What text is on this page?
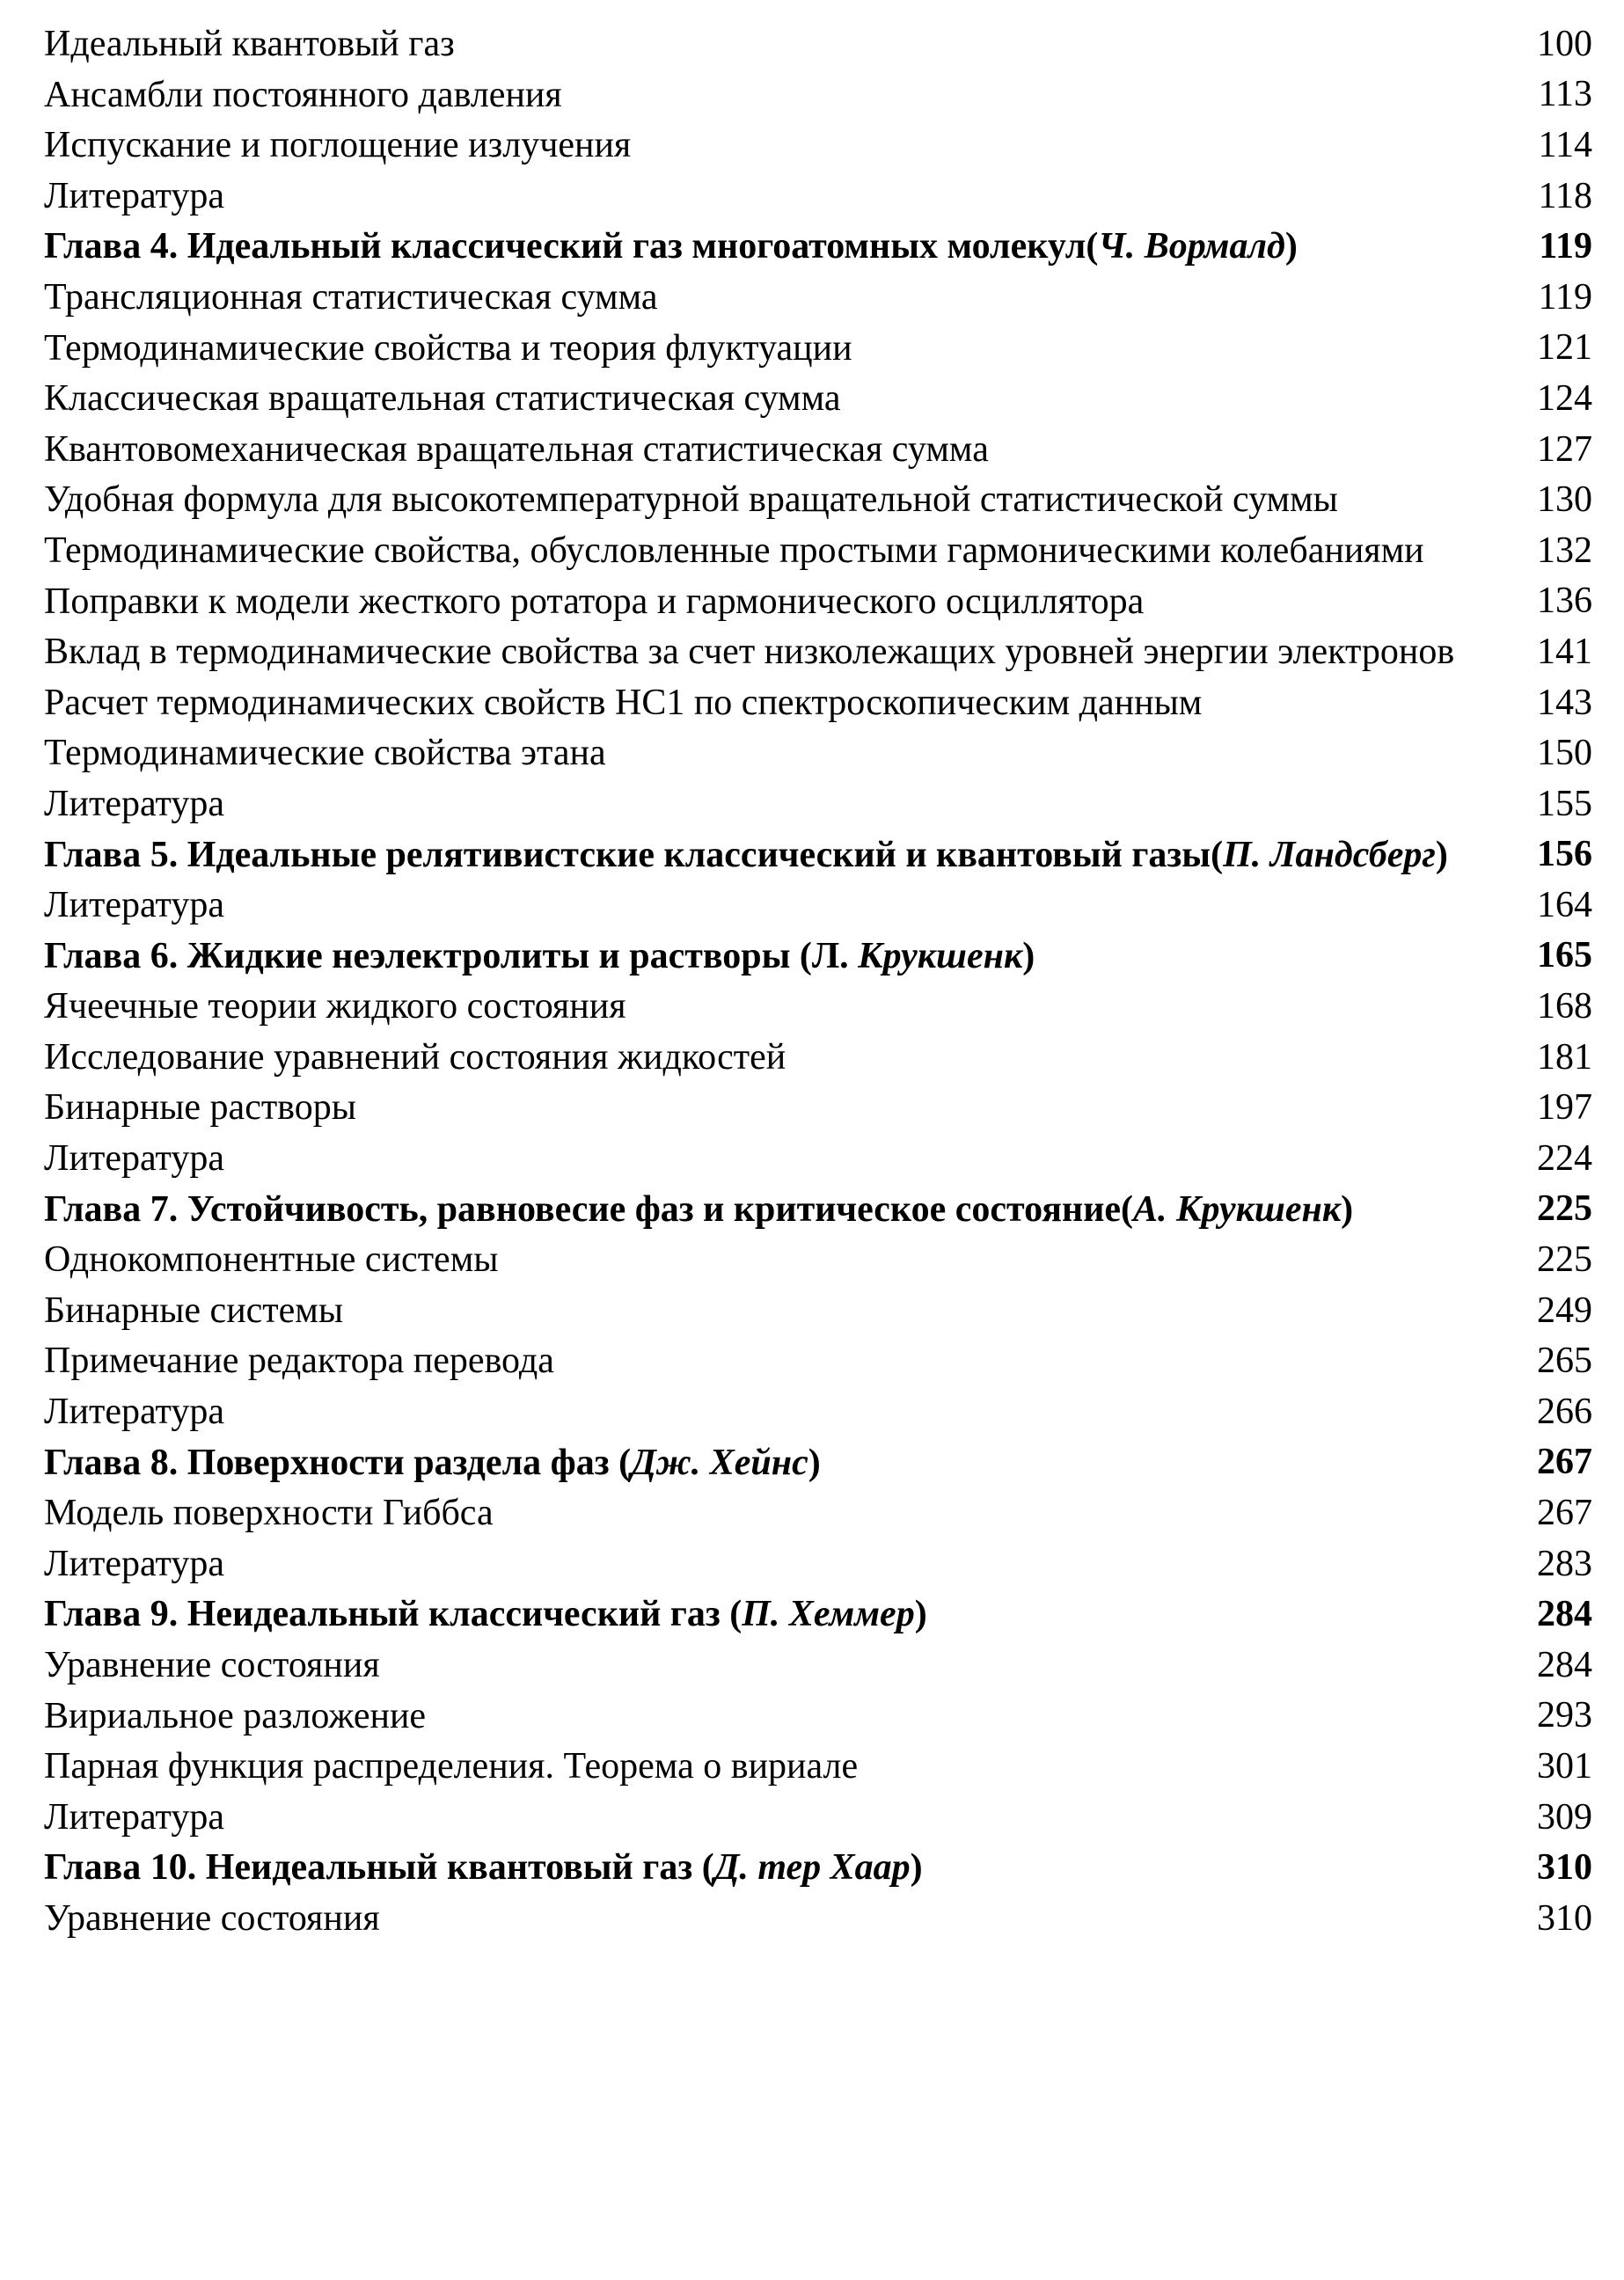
Идеальный квантовый газ	100
Ансамбли постоянного давления	113
Испускание и поглощение излучения	114
Литература	118
Глава 4. Идеальный классический газ многоатомных молекул(Ч. Вормалд)	119
Трансляционная статистическая сумма	119
Термодинамические свойства и теория флуктуации	121
Классическая вращательная статистическая сумма	124
Квантовомеханическая вращательная статистическая сумма	127
Удобная формула для высокотемпературной вращательной статистической суммы	130
Термодинамические свойства, обусловленные простыми гармоническими колебаниями	132
Поправки к модели жесткого ротатора и гармонического осциллятора	136
Вклад в термодинамические свойства за счет низколежащих уровней энергии электронов 141
Расчет термодинамических свойств НС1 по спектроскопическим данным	143
Термодинамические свойства этана	150
Литература	155
Глава 5. Идеальные релятивистские классический и квантовый газы(П. Ландсберг)	156
Литература	164
Глава 6. Жидкие неэлектролиты и растворы (Л. Крукшенк)	165
Ячеечные теории жидкого состояния	168
Исследование уравнений состояния жидкостей	181
Бинарные растворы	197
Литература	224
Глава 7. Устойчивость, равновесие фаз и критическое состояние(А. Крукшенк)	225
Однокомпонентные системы	225
Бинарные системы	249
Примечание редактора перевода	265
Литература	266
Глава 8. Поверхности раздела фаз (Дж. Хейнс)	267
Модель поверхности Гиббса	267
Литература	283
Глава 9. Неидеальный классический газ (П. Хеммер)	284
Уравнение состояния	284
Вириальное разложение	293
Парная функция распределения. Теорема о вириале	301
Литература	309
Глава 10. Неидеальный квантовый газ (Д. тер Хаар)	310
Уравнение состояния	310
